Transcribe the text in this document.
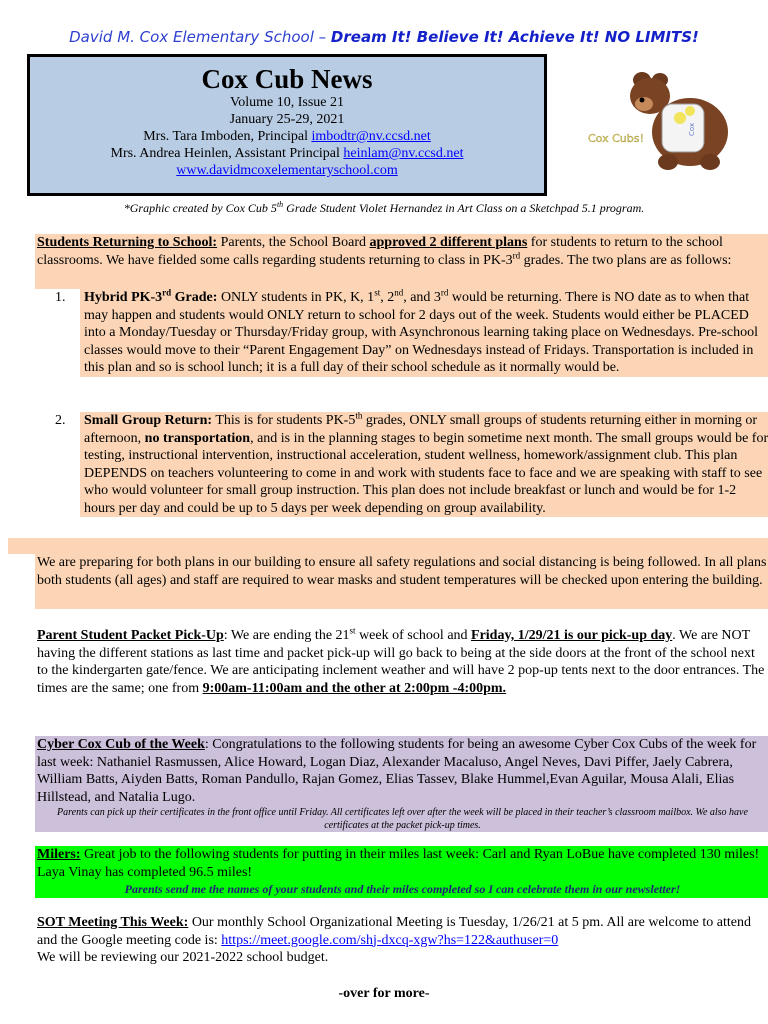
David M. Cox Elementary School – Dream It! Believe It! Achieve It! NO LIMITS!
Cox Cub News
Volume 10, Issue 21
January 25-29, 2021
Mrs. Tara Imboden, Principal imbodtr@nv.ccsd.net
Mrs. Andrea Heinlen, Assistant Principal heinlam@nv.ccsd.net
www.davidmcoxelementaryschool.com
Cox
Cox Cubs!
*Graphic created by Cox Cub 5th Grade Student Violet Hernandez in Art Class on a Sketchpad 5.1 program.
Students Returning to School: Parents, the School Board approved 2 different plans for students to return to the school classrooms. We have fielded some calls regarding students returning to class in PK-3rd grades. The two plans are as follows:
1.	Hybrid PK-3rd Grade: ONLY students in PK, K, 1st, 2nd, and 3rd would be returning. There is NO date as to when that may happen and students would ONLY return to school for 2 days out of the week. Students would either be PLACED into a Monday/Tuesday or Thursday/Friday group, with Asynchronous learning taking place on Wednesdays. Pre-school classes would move to their “Parent Engagement Day” on Wednesdays instead of Fridays. Transportation is included in this plan and so is school lunch; it is a full day of their school schedule as it normally would be.
2.	Small Group Return: This is for students PK-5th grades, ONLY small groups of students returning either in morning or afternoon, no transportation, and is in the planning stages to begin sometime next month. The small groups would be for testing, instructional intervention, instructional acceleration, student wellness, homework/assignment club. This plan DEPENDS on teachers volunteering to come in and work with students face to face and we are speaking with staff to see who would volunteer for small group instruction. This plan does not include breakfast or lunch and would be for 1-2 hours per day and could be up to 5 days per week depending on group availability.
We are preparing for both plans in our building to ensure all safety regulations and social distancing is being followed. In all plans both students (all ages) and staff are required to wear masks and student temperatures will be checked upon entering the building.
Parent Student Packet Pick-Up: We are ending the 21st week of school and Friday, 1/29/21 is our pick-up day. We are NOT having the different stations as last time and packet pick-up will go back to being at the side doors at the front of the school next to the kindergarten gate/fence. We are anticipating inclement weather and will have 2 pop-up tents next to the door entrances. The times are the same; one from 9:00am-11:00am and the other at 2:00pm -4:00pm.
Cyber Cox Cub of the Week: Congratulations to the following students for being an awesome Cyber Cox Cubs of the week for last week: Nathaniel Rasmussen, Alice Howard, Logan Diaz, Alexander Macaluso, Angel Neves, Davi Piffer, Jaely Cabrera, William Batts, Aiyden Batts, Roman Pandullo, Rajan Gomez, Elias Tassev, Blake Hummel,Evan Aguilar, Mousa Alali, Elias Hillstead, and Natalia Lugo.
Parents can pick up their certificates in the front office until Friday. All certificates left over after the week will be placed in their teacher’s classroom mailbox. We also have certificates at the packet pick-up times.
Milers: Great job to the following students for putting in their miles last week: Carl and Ryan LoBue have completed 130 miles! Laya Vinay has completed 96.5 miles!
Parents send me the names of your students and their miles completed so I can celebrate them in our newsletter!
SOT Meeting This Week: Our monthly School Organizational Meeting is Tuesday, 1/26/21 at 5 pm. All are welcome to attend and the Google meeting code is: https://meet.google.com/shj-dxcq-xgw?hs=122&authuser=0
We will be reviewing our 2021-2022 school budget.
-over for more-
